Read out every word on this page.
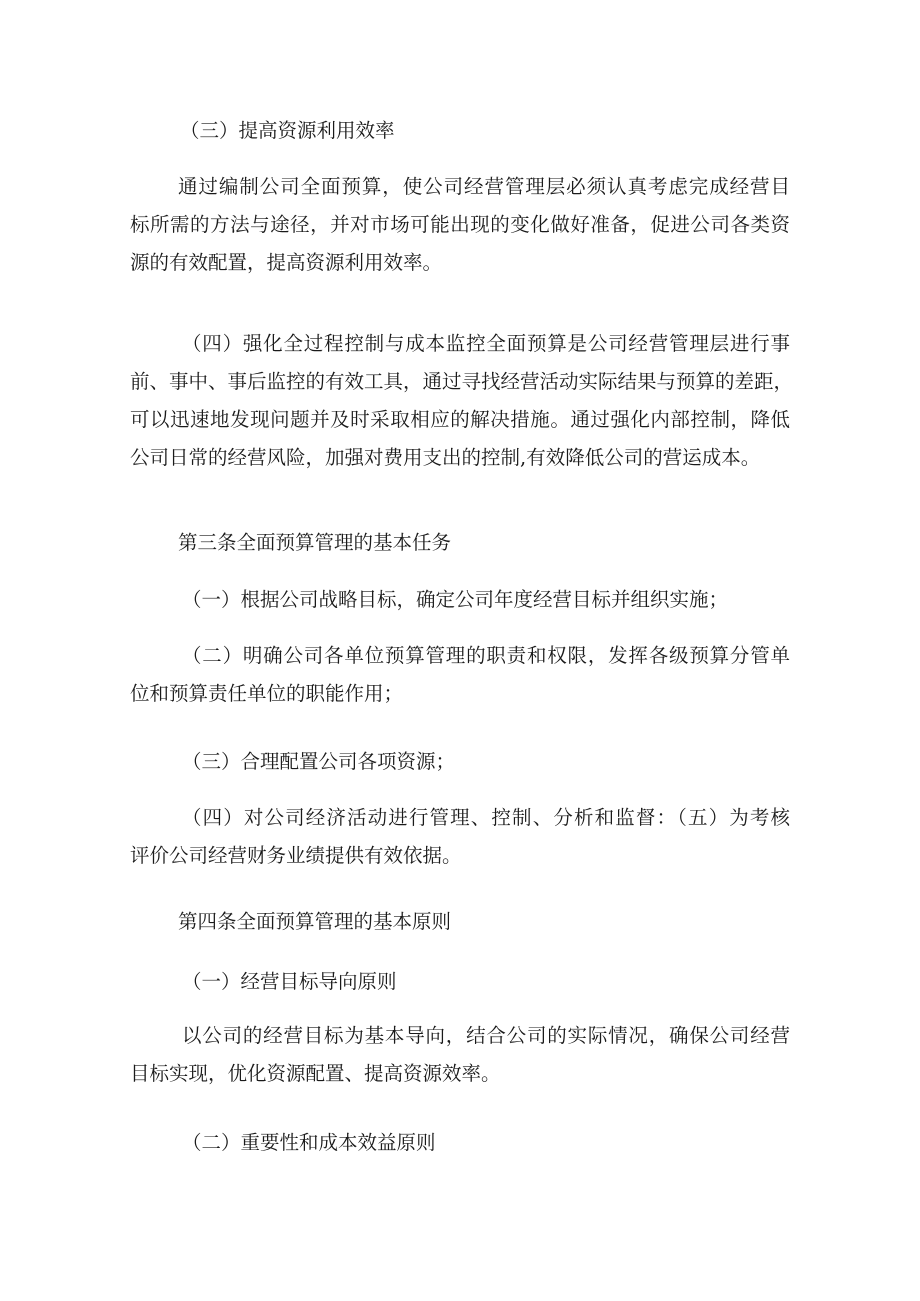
（三）提高资源利用效率

通过编制公司全面预算，使公司经营管理层必须认真考虑完成经营目
标所需的方法与途径，并对市场可能出现的变化做好准备，促进公司各类资
源的有效配置，提高资源利用效率。

（四）强化全过程控制与成本监控全面预算是公司经营管理层进行事
前、事中、事后监控的有效工具，通过寻找经营活动实际结果与预算的差距，
可以迅速地发现问题并及时采取相应的解决措施。通过强化内部控制，降低
公司日常的经营风险，加强对费用支出的控制,有效降低公司的营运成本。

第三条全面预算管理的基本任务

（一）根据公司战略目标，确定公司年度经营目标并组织实施；

（二）明确公司各单位预算管理的职责和权限，发挥各级预算分管单
位和预算责任单位的职能作用；

（三）合理配置公司各项资源；

（四）对公司经济活动进行管理、控制、分析和监督：（五）为考核
评价公司经营财务业绩提供有效依据。

第四条全面预算管理的基本原则

（一）经营目标导向原则

以公司的经营目标为基本导向，结合公司的实际情况，确保公司经营
目标实现，优化资源配置、提高资源效率。

（二）重要性和成本效益原则
